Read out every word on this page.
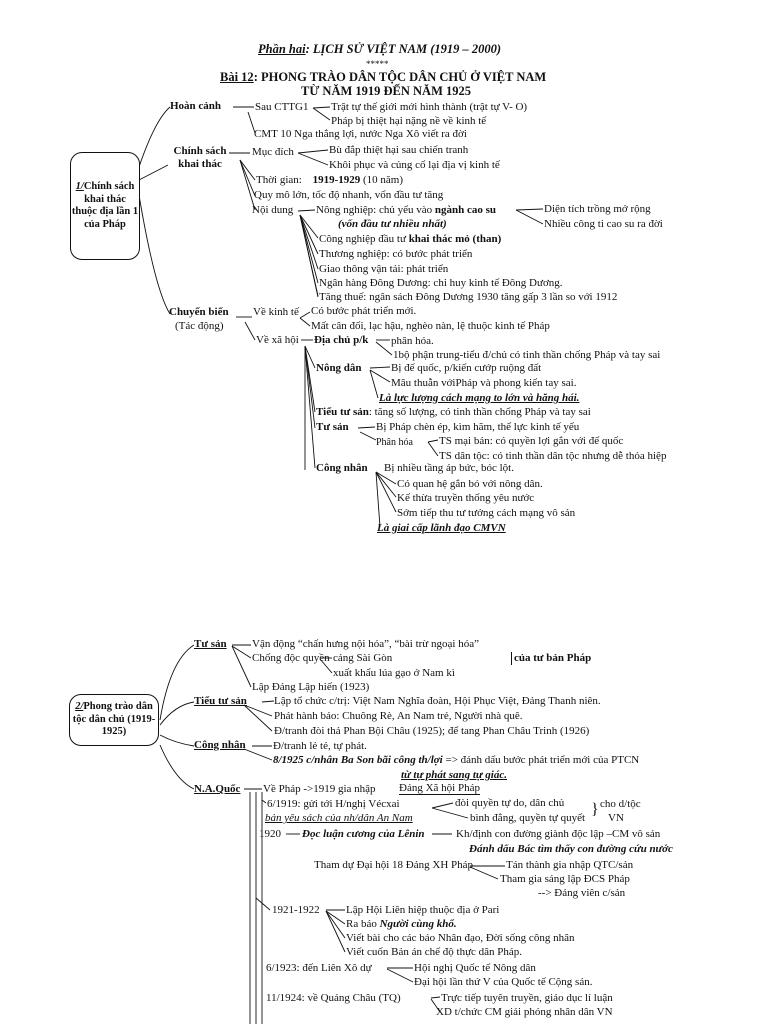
Phần hai: LỊCH SỬ VIỆT NAM (1919 – 2000)
*****
Bài 12: PHONG TRÀO DÂN TỘC DÂN CHỦ Ở VIỆT NAM
TỪ NĂM 1919 ĐẾN NĂM 1925
1/Chính sách khai thác thuộc địa lần 1 của Pháp
Hoàn cảnh	Sau CTTG1 Trật tự thế giới mới hình thành (trật tự V- O)
Pháp bị thiệt hại nặng nề về kinh tế
CMT 10 Nga thắng lợi, nước Nga Xô viết ra đời
Chính sách khai thác
Mục đích	Bù đắp thiệt hại sau chiến tranh
Khôi phục và củng cố lại địa vị kinh tế
Thời gian: 1919-1929 (10 năm)
Quy mô lớn, tốc độ nhanh, vốn đầu tư tăng
Nội dung Nông nghiệp: chủ yếu vào ngành cao su
(vốn đầu tư nhiều nhất)
Diện tích trồng mở rộng
Nhiều công ti cao su ra đời
Công nghiệp đầu tư khai thác mỏ (than)
Thương nghiệp: có bước phát triển
Giao thông vận tải: phát triển
Ngân hàng Đông Dương: chi huy kinh tế Đông Dương.
Tăng thuế: ngân sách Đông Dương 1930 tăng gấp 3 lần so với 1912
Chuyển biến
(Tác động)
Về kinh tế Có bước phát triển mới.
Mất cân đối, lạc hậu, nghèo nàn, lệ thuộc kinh tế Pháp
Về xã hội Địa chủ p/k phân hóa.
1bộ phận trung-tiểu đ/chủ có tinh thần chống Pháp và tay sai
Nông dân	Bị đế quốc, p/kiến cướp ruộng đất
Mâu thuẫn vớiPháp và phong kiến tay sai.
Là lực lượng cách mạng to lớn và hăng hái.
Tiểu tư sản: tăng số lượng, có tinh thần chống Pháp và tay sai
Tư sản Bị Pháp chèn ép, kìm hãm, thế lực kinh tế yếu
Phân hóa TS mại bản: có quyền lợi gắn với đế quốc
TS dân tộc: có tinh thần dân tộc nhưng dễ thỏa hiệp
Công nhân Bị nhiều tầng áp bức, bóc lột.
Có quan hệ gắn bó với nông dân.
Kế thừa truyền thống yêu nước
Sớm tiếp thu tư tưởng cách mạng vô sản
Là giai cấp lãnh đạo CMVN
2/Phong trào dân tộc dân chủ (1919-1925)
Tư sản Vận động “chấn hưng nội hóa”, “bài trừ ngoại hóa”
Chống độc quyền cảng Sài Gòn
xuất khẩu lúa gạo ở Nam kì
của tư bản Pháp
Lập Đảng Lập hiến (1923)
Tiểu tư sản Lập tổ chức c/trị: Việt Nam Nghĩa đoàn, Hội Phục Việt, Đảng Thanh niên.
Phát hành báo: Chuông Rè, An Nam trẻ, Người nhà quê.
Đ/tranh đòi thả Phan Bội Châu (1925); để tang Phan Châu Trinh (1926)
Công nhân Đ/tranh lẻ tẻ, tự phát.
8/1925 c/nhân Ba Son bãi công th/lợi => đánh dấu bước phát triển mới của PTCN
từ tự phát sang tự giác.
N.A.Quốc Về Pháp ->1919 gia nhập Đảng Xã hội Pháp
6/1919: gửi tới H/nghị Vécxai
bản yêu sách của nh/dân An Nam
đòi quyền tự do, dân chủ
bình đẳng, quyền tự quyết } cho d/tộc
VN
1920 Đọc luận cương của Lênin	Kh/định con đường giành độc lập –CM vô sản
Đánh dấu Bác tìm thấy con đường cứu nước
Tham dự Đại hội 18 Đảng XH Pháp	Tán thành gia nhập QTC/sản
Tham gia sáng lập ĐCS Pháp
--> Đảng viên c/sản
1921-1922 Lập Hội Liên hiệp thuộc địa ở Pari
Ra báo Người cùng khổ.
Viết bài cho các báo Nhân đạo, Đời sống công nhân
Viết cuốn Bản án chế độ thực dân Pháp.
6/1923: đến Liên Xô dự	Hội nghị Quốc tế Nông dân
Đại hội lần thứ V của Quốc tế Cộng sản.
11/1924: về Quảng Châu (TQ)	Trực tiếp tuyên truyền, giáo dục lí luận
XD t/chức CM giải phóng nhân dân VN
